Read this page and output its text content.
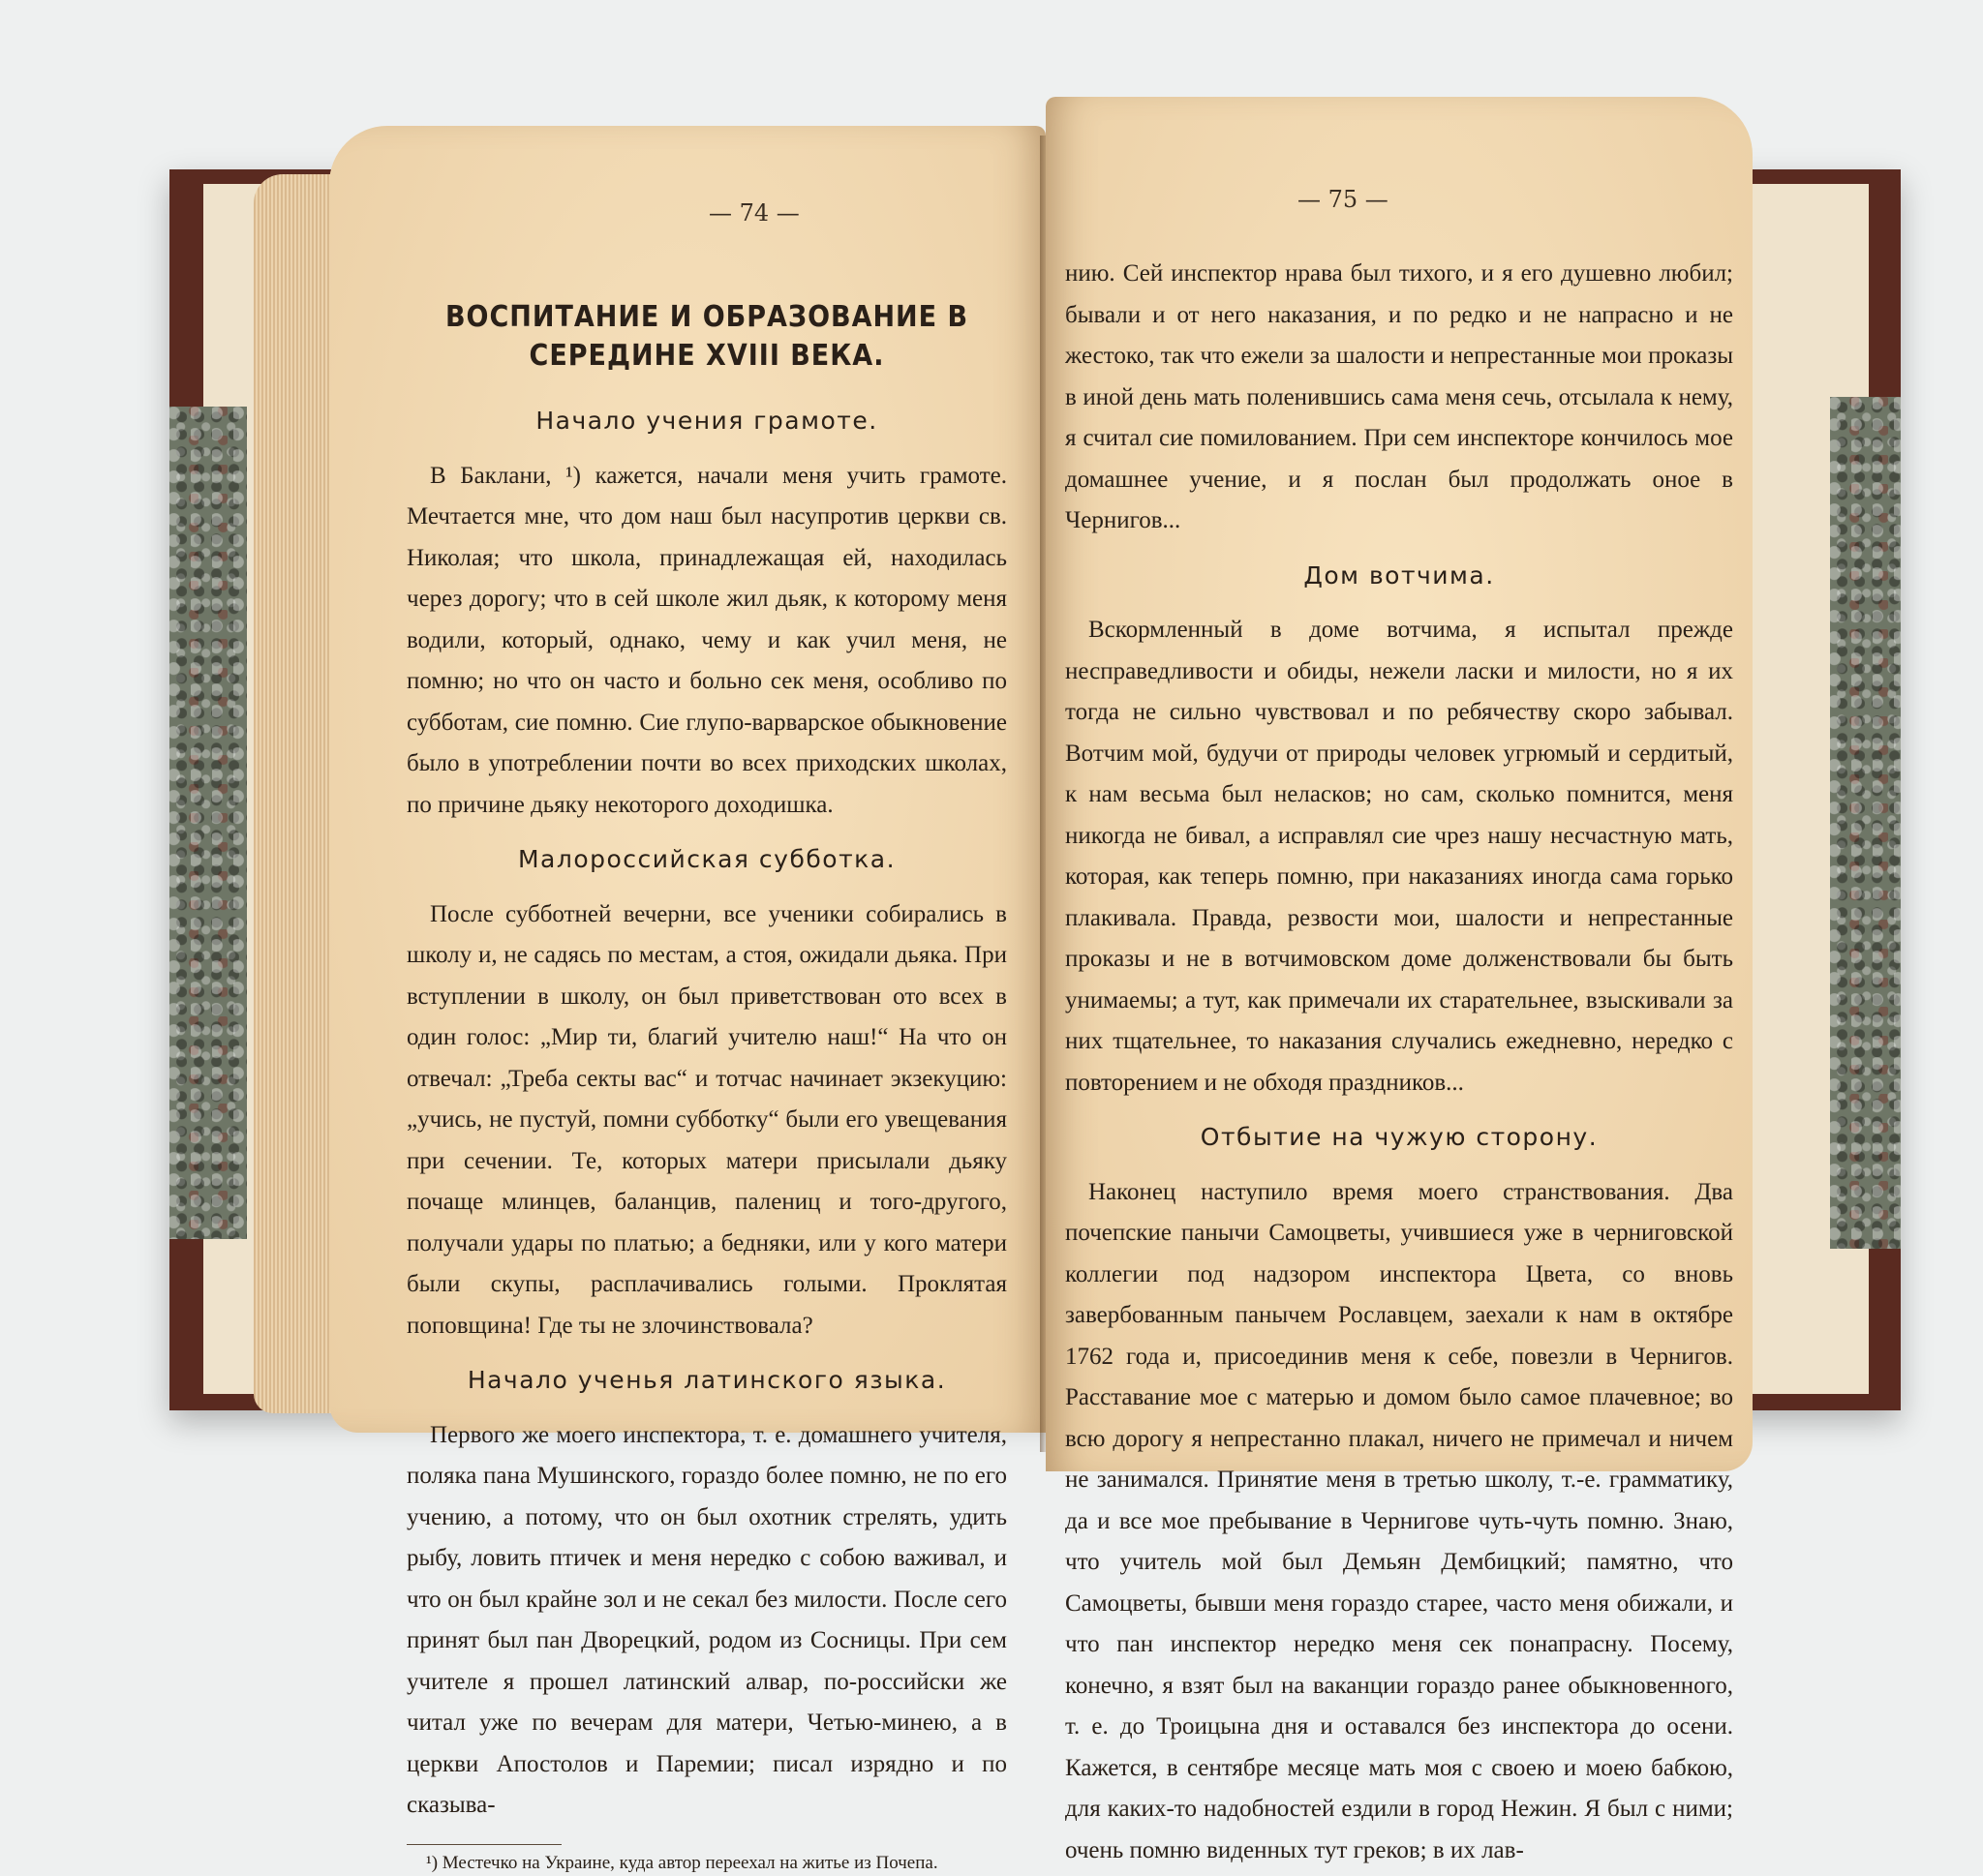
— 74 —
ВОСПИТАНИЕ И ОБРАЗОВАНИЕ В СЕРЕДИНЕ XVIII ВЕКА.
Начало учения грамоте.

В Баклани, ¹) кажется, начали меня учить грамоте. Мечтается мне, что дом наш был насупротив церкви св. Николая; что школа, принадлежащая ей, находилась через дорогу; что в сей школе жил дьяк, к которому меня водили, который, однако, чему и как учил меня, не помню; но что он часто и больно сек меня, особливо по субботам, сие помню. Сие глупо-варварское обыкновение было в употреблении почти во всех приходских школах, по причине дьяку некоторого доходишка.

Малороссийская субботка.

После субботней вечерни, все ученики собирались в школу и, не садясь по местам, а стоя, ожидали дьяка. При вступлении в школу, он был приветствован ото всех в один голос: „Мир ти, благий учителю наш!“ На что он отвечал: „Треба секты вас“ и тотчас начинает экзекуцию: „учись, не пустуй, помни субботку“ были его увещевания при сечении. Те, которых матери присылали дьяку почаще млинцев, баланцив, палениц и того-другого, получали удары по платью; а бедняки, или у кого матери были скупы, расплачивались голыми. Проклятая поповщина! Где ты не злочинствовала?

Начало ученья латинского языка.

Первого же моего инспектора, т. е. домашнего учителя, поляка пана Мушинского, гораздо более помню, не по его учению, а потому, что он был охотник стрелять, удить рыбу, ловить птичек и меня нередко с собою важивал, и что он был крайне зол и не секал без милости. После сего принят был пан Дворецкий, родом из Сосницы. При сем учителе я прошел латинский алвар, по-российски же читал уже по вечерам для матери, Четью-минею, а в церкви Апостолов и Паремии; писал изрядно и по сказыва-

¹) Местечко на Украине, куда автор переехал на житье из Почепа.
— 75 —

нию. Сей инспектор нрава был тихого, и я его душевно любил; бывали и от него наказания, и по редко и не напрасно и не жестоко, так что ежели за шалости и непрестанные мои проказы в иной день мать поленившись сама меня сечь, отсылала к нему, я считал сие помилованием. При сем инспекторе кончилось мое домашнее учение, и я послан был продолжать оное в Чернигов...

Дом вотчима.

Вскормленный в доме вотчима, я испытал прежде несправедливости и обиды, нежели ласки и милости, но я их тогда не сильно чувствовал и по ребячеству скоро забывал. Вотчим мой, будучи от природы человек угрюмый и сердитый, к нам весьма был неласков; но сам, сколько помнится, меня никогда не бивал, а исправлял сие чрез нашу несчастную мать, которая, как теперь помню, при наказаниях иногда сама горько плакивала. Правда, резвости мои, шалости и непрестанные проказы и не в вотчимовском доме долженствовали бы быть унимаемы; а тут, как примечали их старательнее, взыскивали за них тщательнее, то наказания случались ежедневно, нередко с повторением и не обходя праздников...

Отбытие на чужую сторону.

Наконец наступило время моего странствования. Два почепские панычи Самоцветы, учившиеся уже в черниговской коллегии под надзором инспектора Цвета, со вновь завербованным панычем Рославцем, заехали к нам в октябре 1762 года и, присоединив меня к себе, повезли в Чернигов. Расставание мое с матерью и домом было самое плачевное; во всю дорогу я непрестанно плакал, ничего не примечал и ничем не занимался. Принятие меня в третью школу, т.-е. грамматику, да и все мое пребывание в Чернигове чуть-чуть помню. Знаю, что учитель мой был Демьян Дембицкий; памятно, что Самоцветы, бывши меня гораздо старее, часто меня обижали, и что пан инспектор нередко меня сек понапрасну. Посему, конечно, я взят был на ваканции гораздо ранее обыкновенного, т. е. до Троицына дня и оставался без инспектора до осени. Кажется, в сентябре месяце мать моя с своею и моею бабкою, для каких-то надобностей ездили в город Нежин. Я был с ними; очень помню виденных тут греков; в их лав-
